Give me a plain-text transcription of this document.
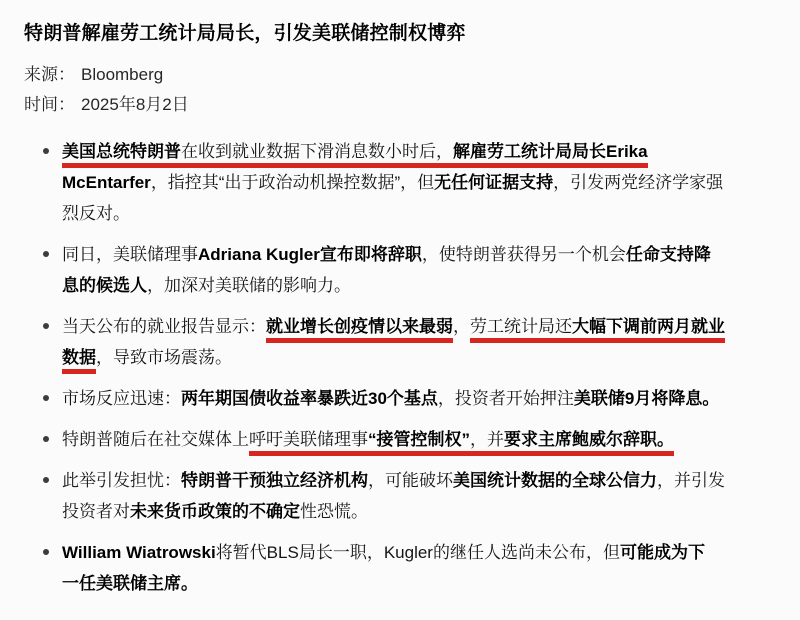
特朗普解雇劳工统计局局长，引发美联储控制权博弈
来源： Bloomberg
时间： 2025年8月2日
美国总统特朗普在收到就业数据下滑消息数小时后，解雇劳工统计局局长Erika
McEntarfer，指控其“出于政治动机操控数据”，但无任何证据支持，引发两党经济学家强
烈反对。
同日，美联储理事Adriana Kugler宣布即将辞职，使特朗普获得另一个机会任命支持降
息的候选人，加深对美联储的影响力。
当天公布的就业报告显示：就业增长创疫情以来最弱，劳工统计局还大幅下调前两月就业
数据，导致市场震荡。
市场反应迅速：两年期国债收益率暴跌近30个基点，投资者开始押注美联储9月将降息。
特朗普随后在社交媒体上呼吁美联储理事“接管控制权”，并要求主席鲍威尔辞职。
此举引发担忧：特朗普干预独立经济机构，可能破坏美国统计数据的全球公信力，并引发
投资者对未来货币政策的不确定性恐慌。
William Wiatrowski将暂代BLS局长一职，Kugler的继任人选尚未公布，但可能成为下
一任美联储主席。
